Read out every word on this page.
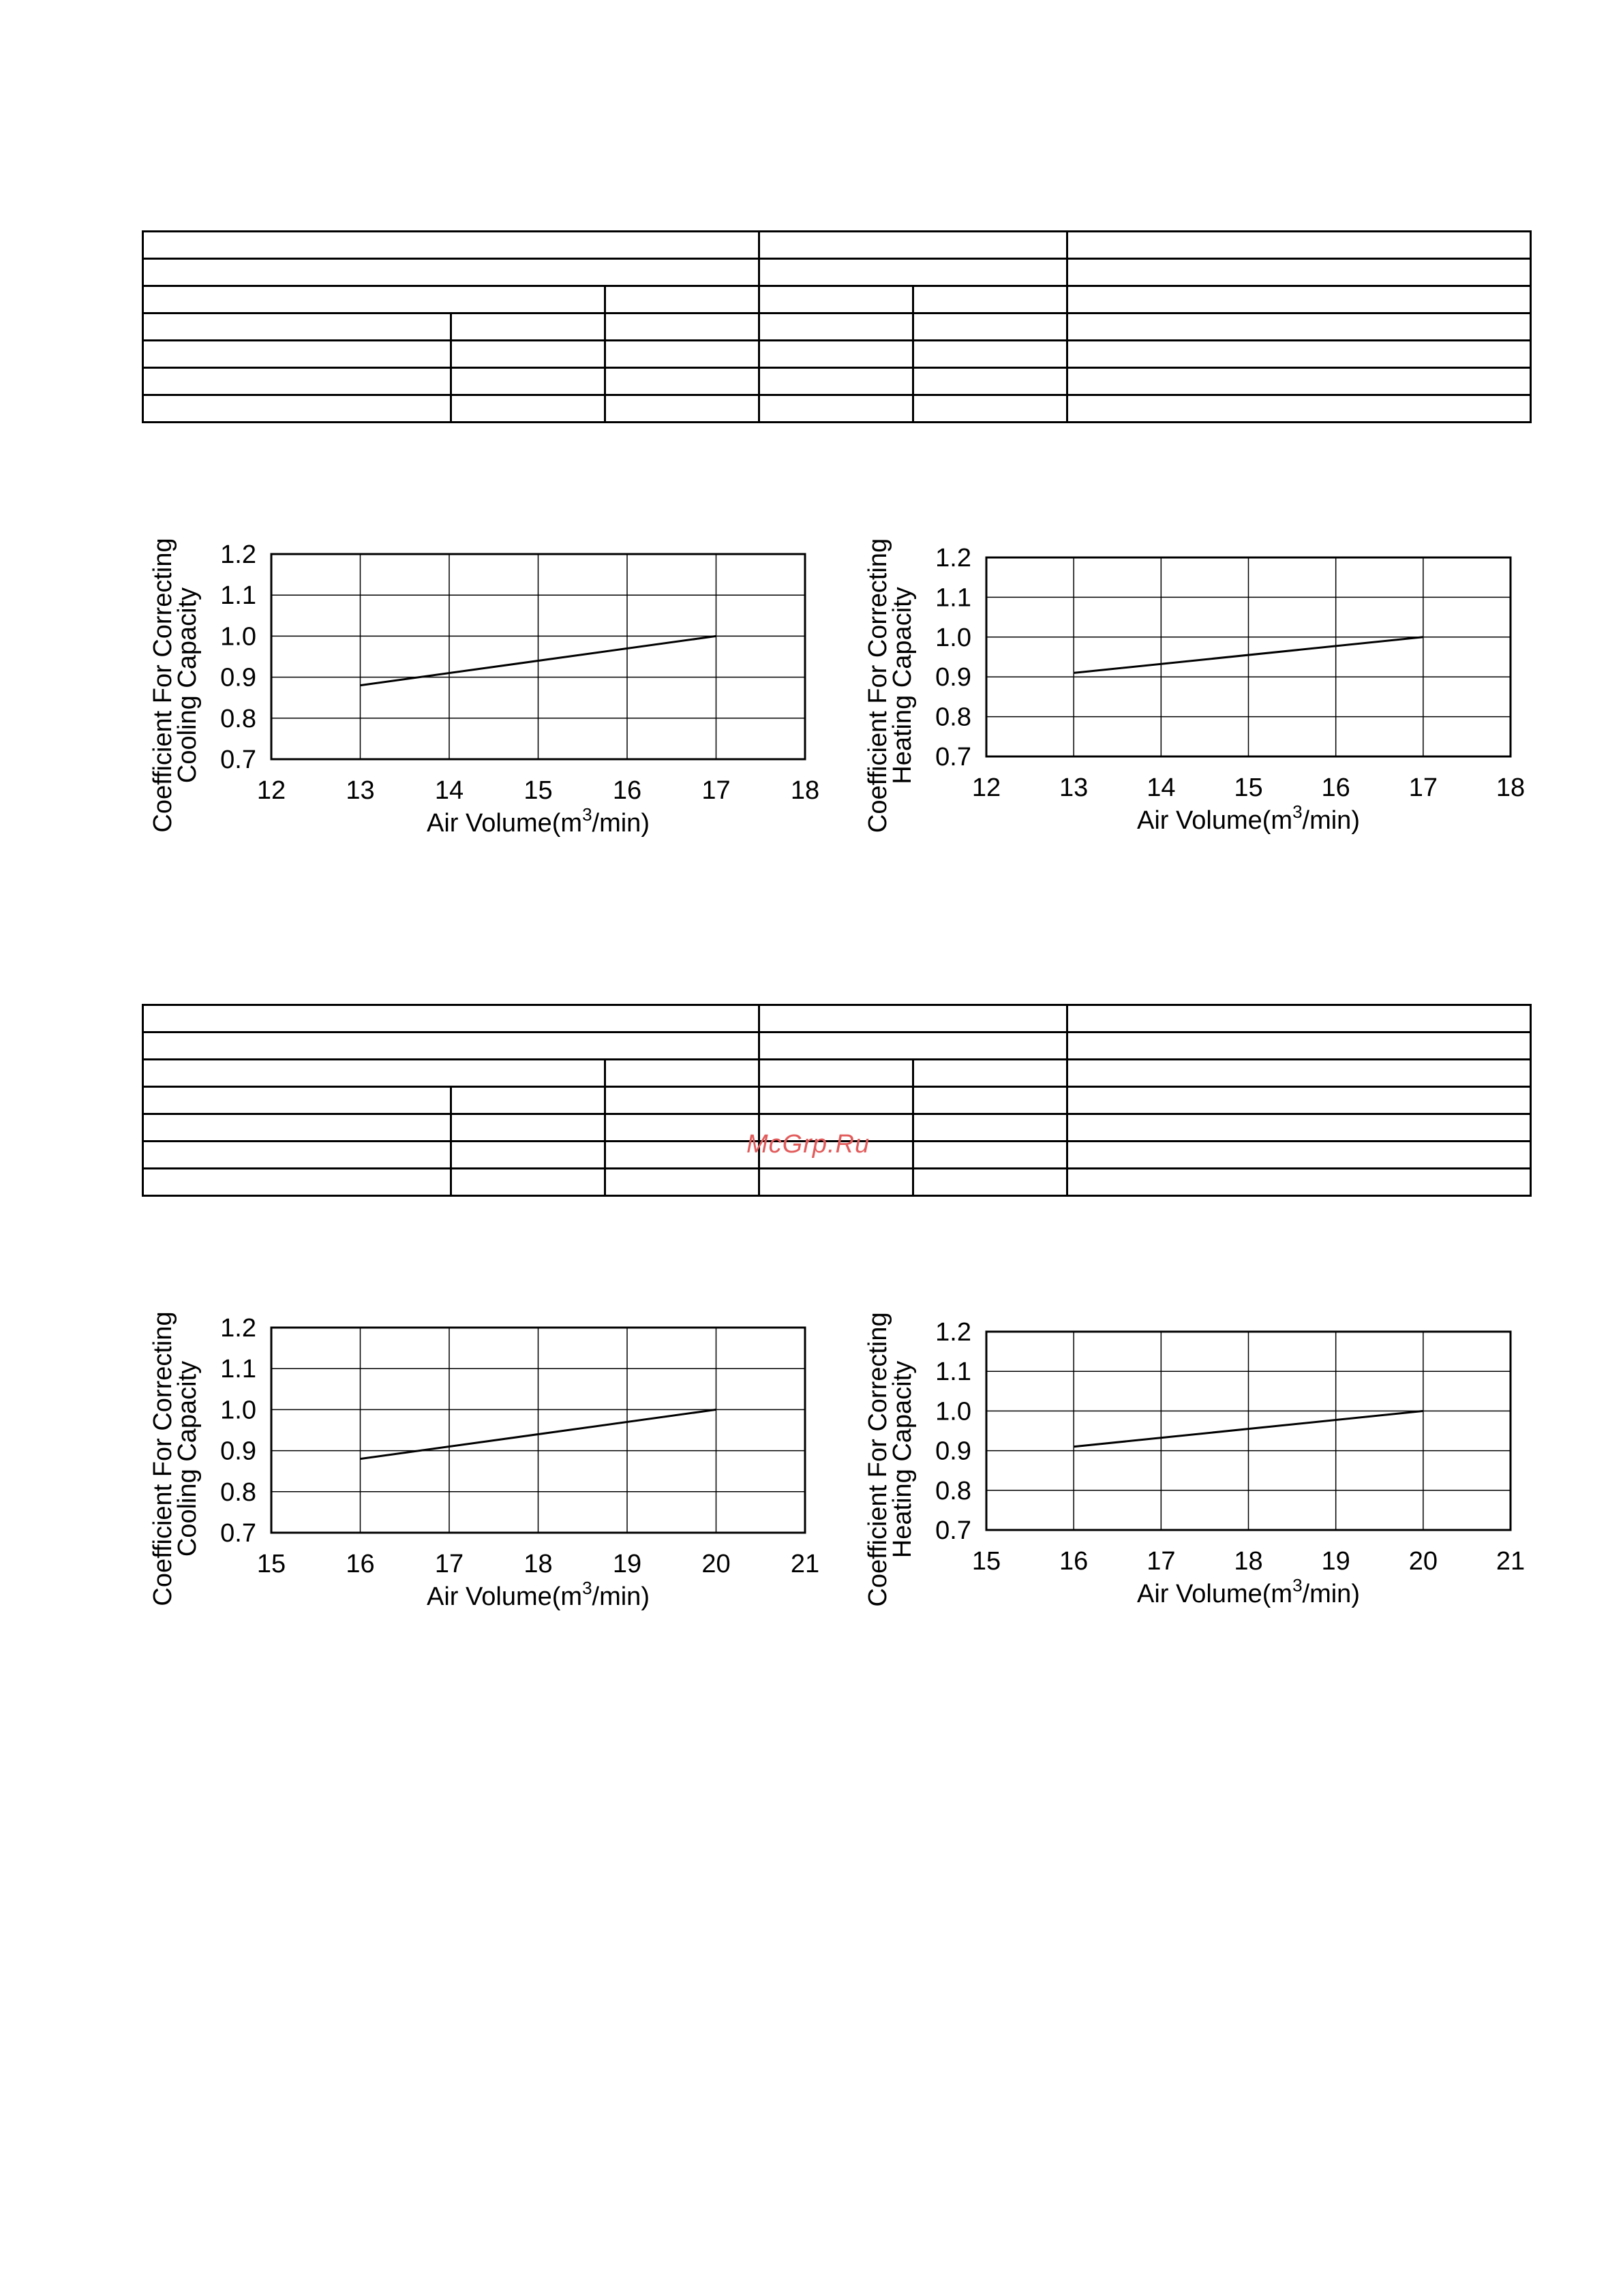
12 13 14 15 16 17 18
0.7
0.8
0.9
1.0
1.1
1.2
Air $Volume(m^3/\min)$
Coefficient For CorrectingCooling Capacity
12 13 14 15 16 17 18
0.7
0.8
0.9
1.0
1.1
1.2
Air $Volume(m^3/\min)$
Coefficient For CorrectingHeating Capacity

McGrp.Ru
15 16 17 18 19 20 21
0.7
0.8
0.9
1.0
1.1
1.2
Air $Volume(m^3/\min)$
Coefficient For CorrectingCooling Capacity
15 16 17 18 19 20 21
0.7
0.8
0.9
1.0
1.1
1.2
Air $Volume(m^3/\min)$
Coefficient For CorrectingHeating Capacity
